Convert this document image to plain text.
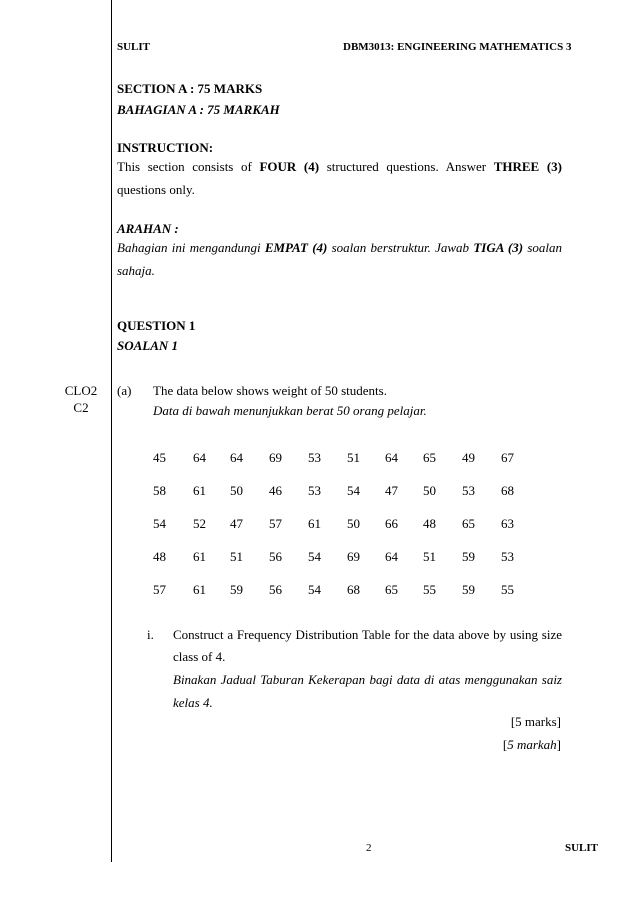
SULIT	DBM3013: ENGINEERING MATHEMATICS 3
SECTION A : 75 MARKS
BAHAGIAN A : 75 MARKAH
INSTRUCTION:
This section consists of FOUR (4) structured questions. Answer THREE (3)
questions only.
ARAHAN :
Bahagian ini mengandungi EMPAT (4) soalan berstruktur. Jawab TIGA (3) soalan
sahaja.
QUESTION 1
SOALAN 1
CLO2
C2
(a) The data below shows weight of 50 students.
Data di bawah menunjukkan berat 50 orang pelajar.
45	64	64	69	53	51	64	65	49	67
58	61	50	46	53	54	47	50	53	68
54	52	47	57	61	50	66	48	65	63
48	61	51	56	54	69	64	51	59	53
57	61	59	56	54	68	65	55	59	55
i. Construct a Frequency Distribution Table for the data above by using size
class of 4.
Binakan Jadual Taburan Kekerapan bagi data di atas menggunakan saiz
kelas 4.
[5 marks]
[5 markah]
2	SULIT
